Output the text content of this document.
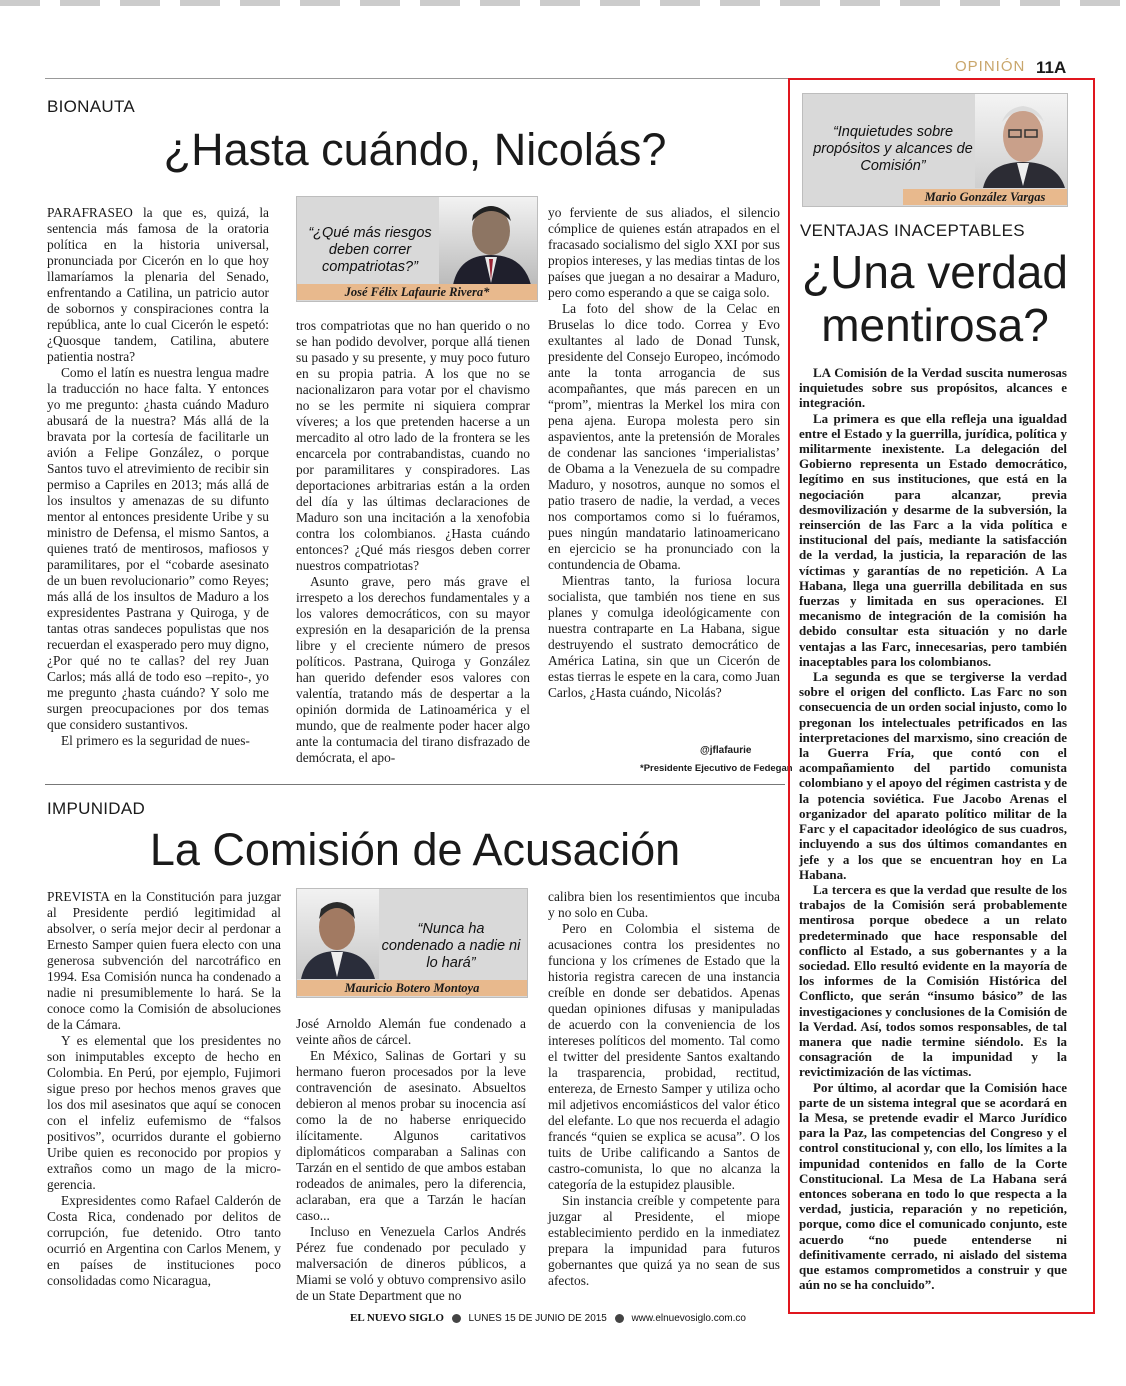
OPINIÓN 11A
BIONAUTA
¿Hasta cuándo, Nicolás?
“¿Qué más riesgos deben correr compatriotas?”
José Félix Lafaurie Rivera*

PARAFRASEO la que es, quizá, la sentencia más famosa de la oratoria política en la historia universal, pronunciada por Cicerón en lo que hoy llamaríamos la plenaria del Senado, enfrentando a Catilina, un patricio autor de sobornos y conspiraciones contra la república, ante lo cual Cicerón le espetó: ¿Quosque tandem, Catilina, abutere patientia nostra?

Como el latín es nuestra lengua madre la traducción no hace falta. Y entonces yo me pregunto: ¿hasta cuándo Maduro abusará de la nuestra? Más allá de la bravata por la cortesía de facilitarle un avión a Felipe González, o porque Santos tuvo el atrevimiento de recibir sin permiso a Capriles en 2013; más allá de los insultos y amenazas de su difunto mentor al entonces presidente Uribe y su ministro de Defensa, el mismo Santos, a quienes trató de mentirosos, mafiosos y paramilitares, por el “cobarde asesinato de un buen revolucionario” como Reyes; más allá de los insultos de Maduro a los expresidentes Pastrana y Quiroga, y de tantas otras sandeces populistas que nos recuerdan el exasperado pero muy digno, ¿Por qué no te callas? del rey Juan Carlos; más allá de todo eso –repito-, yo me pregunto ¿hasta cuándo? Y solo me surgen preocupaciones por dos temas que considero sustantivos.

El primero es la seguridad de nues-

tros compatriotas que no han querido o no se han podido devolver, porque allá tienen su pasado y su presente, y muy poco futuro en su propia patria. A los que no se nacionalizaron para votar por el chavismo no se les permite ni siquiera comprar víveres; a los que pretenden hacerse a un mercadito al otro lado de la frontera se les encarcela por contrabandistas, cuando no por paramilitares y conspiradores. Las deportaciones arbitrarias están a la orden del día y las últimas declaraciones de Maduro son una incitación a la xenofobia contra los colombianos. ¿Hasta cuándo entonces? ¿Qué más riesgos deben correr nuestros compatriotas?

Asunto grave, pero más grave el irrespeto a los derechos fundamentales y a los valores democráticos, con su mayor expresión en la desaparición de la prensa libre y el creciente número de presos políticos. Pastrana, Quiroga y González han querido defender esos valores con valentía, tratando más de despertar a la opinión dormida de Latinoamérica y el mundo, que de realmente poder hacer algo ante la contumacia del tirano disfrazado de demócrata, el apo-

yo ferviente de sus aliados, el silencio cómplice de quienes están atrapados en el fracasado socialismo del siglo XXI por sus propios intereses, y las medias tintas de los países que juegan a no desairar a Maduro, pero como esperando a que se caiga solo.

La foto del show de la Celac en Bruselas lo dice todo. Correa y Evo exultantes al lado de Donad Tunsk, presidente del Consejo Europeo, incómodo ante la tonta arrogancia de sus acompañantes, que más parecen en un “prom”, mientras la Merkel los mira con pena ajena. Europa molesta pero sin aspavientos, ante la pretensión de Morales de condenar las sanciones ‘imperialistas’ de Obama a la Venezuela de su compadre Maduro, y nosotros, aunque no somos el patio trasero de nadie, la verdad, a veces nos comportamos como si lo fuéramos, pues ningún mandatario latinoamericano en ejercicio se ha pronunciado con la contundencia de Obama.

Mientras tanto, la furiosa locura socialista, que también nos tiene en sus planes y comulga ideológicamente con nuestra contraparte en La Habana, sigue destruyendo el sustrato democrático de América Latina, sin que un Cicerón de estas tierras le espete en la cara, como Juan Carlos, ¿Hasta cuándo, Nicolás?

@jflafaurie
*Presidente Ejecutivo de Fedegan
IMPUNIDAD
La Comisión de Acusación
“Nunca ha condenado a nadie ni lo hará”
Mauricio Botero Montoya

PREVISTA en la Constitución para juzgar al Presidente perdió legitimidad al absolver, o sería mejor decir al perdonar a Ernesto Samper quien fuera electo con una generosa subvención del narcotráfico en 1994. Esa Comisión nunca ha condenado a nadie ni presumiblemente lo hará. Se la conoce como la Comisión de absoluciones de la Cámara.

Y es elemental que los presidentes no son inimputables excepto de hecho en Colombia. En Perú, por ejemplo, Fujimori sigue preso por hechos menos graves que los dos mil asesinatos que aquí se conocen con el infeliz eufemismo de “falsos positivos”, ocurridos durante el gobierno Uribe quien es reconocido por propios y extraños como un mago de la micro-gerencia.

Expresidentes como Rafael Calderón de Costa Rica, condenado por delitos de corrupción, fue detenido. Otro tanto ocurrió en Argentina con Carlos Menem, y en países de instituciones poco consolidadas como Nicaragua,

José Arnoldo Alemán fue condenado a veinte años de cárcel.

En México, Salinas de Gortari y su hermano fueron procesados por la leve contravención de asesinato. Absueltos debieron al menos probar su inocencia así como la de no haberse enriquecido ilícitamente. Algunos caritativos diplomáticos comparaban a Salinas con Tarzán en el sentido de que ambos estaban rodeados de animales, pero la diferencia, aclaraban, era que a Tarzán le hacían caso...

Incluso en Venezuela Carlos Andrés Pérez fue condenado por peculado y malversación de dineros públicos, a Miami se voló y obtuvo comprensivo asilo de un State Department que no

calibra bien los resentimientos que incuba y no solo en Cuba.

Pero en Colombia el sistema de acusaciones contra los presidentes no funciona y los crímenes de Estado que la historia registra carecen de una instancia creíble en donde ser debatidos. Apenas quedan opiniones difusas y manipuladas de acuerdo con la conveniencia de los intereses políticos del momento. Tal como el twitter del presidente Santos exaltando la trasparencia, probidad, rectitud, entereza, de Ernesto Samper y utiliza ocho mil adjetivos encomiásticos del valor ético del elefante. Lo que nos recuerda el adagio francés “quien se explica se acusa”. O los tuits de Uribe calificando a Santos de castro-comunista, lo que no alcanza la categoría de la estupidez plausible.

Sin instancia creíble y competente para juzgar al Presidente, el miope establecimiento perdido en la inmediatez prepara la impunidad para futuros gobernantes que quizá ya no sean de sus afectos.

“Inquietudes sobre propósitos y alcances de Comisión”
Mario González Vargas
VENTAJAS INACEPTABLES
¿Una verdad
mentirosa?

LA Comisión de la Verdad suscita numerosas inquietudes sobre sus propósitos, alcances e integración.

La primera es que ella refleja una igualdad entre el Estado y la guerrilla, jurídica, política y militarmente inexistente. La delegación del Gobierno representa un Estado democrático, legítimo en sus instituciones, que está en la negociación para alcanzar, previa desmovilización y desarme de la subversión, la reinserción de las Farc a la vida política e institucional del país, mediante la satisfacción de la verdad, la justicia, la reparación de las víctimas y garantías de no repetición. A La Habana, llega una guerrilla debilitada en sus fuerzas y limitada en sus operaciones. El mecanismo de integración de la comisión ha debido consultar esta situación y no darle ventajas a las Farc, innecesarias, pero también inaceptables para los colombianos.

La segunda es que se tergiverse la verdad sobre el origen del conflicto. Las Farc no son consecuencia de un orden social injusto, como lo pregonan los intelectuales petrificados en las interpretaciones del marxismo, sino creación de la Guerra Fría, que contó con el acompañamiento del partido comunista colombiano y el apoyo del régimen castrista y de la potencia soviética. Fue Jacobo Arenas el organizador del aparato político militar de la Farc y el capacitador ideológico de sus cuadros, incluyendo a sus dos últimos comandantes en jefe y a los que se encuentran hoy en La Habana.

La tercera es que la verdad que resulte de los trabajos de la Comisión será probablemente mentirosa porque obedece a un relato predeterminado que hace responsable del conflicto al Estado, a sus gobernantes y a la sociedad. Ello resultó evidente en la mayoría de los informes de la Comisión Histórica del Conflicto, que serán “insumo básico” de las investigaciones y conclusiones de la Comisión de la Verdad. Así, todos somos responsables, de tal manera que nadie termine siéndolo. Es la consagración de la impunidad y la revictimización de las víctimas.

Por último, al acordar que la Comisión hace parte de un sistema integral que se acordará en la Mesa, se pretende evadir el Marco Jurídico para la Paz, las competencias del Congreso y el control constitucional y, con ello, los límites a la impunidad contenidos en fallo de la Corte Constitucional. La Mesa de La Habana será entonces soberana en todo lo que respecta a la verdad, justicia, reparación y no repetición, porque, como dice el comunicado conjunto, este acuerdo “no puede entenderse ni definitivamente cerrado, ni aislado del sistema que estamos comprometidos a construir y que aún no se ha concluido”.

EL NUEVO SIGLO LUNES 15 DE JUNIO DE 2015 www.elnuevosiglo.com.co
